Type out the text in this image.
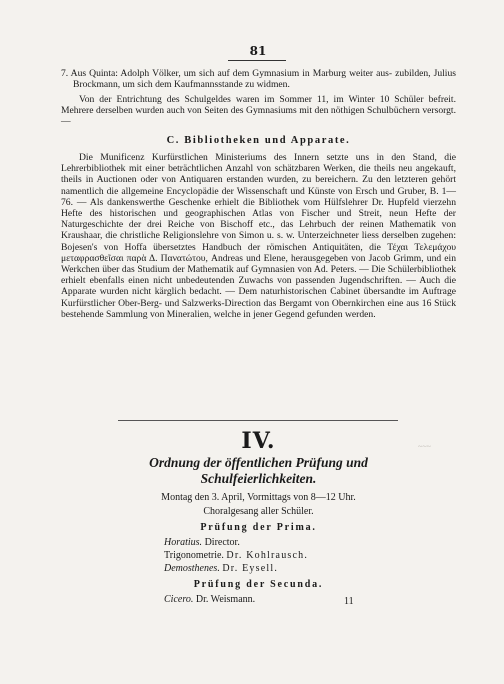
81
~~~

7. Aus Quinta: Adolph Völker, um sich auf dem Gymnasium in Marburg weiter aus- zubilden, Julius Brockmann, um sich dem Kaufmannsstande zu widmen.

Von der Entrichtung des Schulgeldes waren im Sommer 11, im Winter 10 Schüler befreit. Mehrere derselben wurden auch von Seiten des Gymnasiums mit den nöthigen Schulbüchern versorgt. —

C. Bibliotheken und Apparate.

Die Munificenz Kurfürstlichen Ministeriums des Innern setzte uns in den Stand, die Lehrerbibliothek mit einer beträchtlichen Anzahl von schätzbaren Werken, die theils neu angekauft, theils in Auctionen oder von Antiquaren erstanden wurden, zu bereichern. Zu den letzteren gehört namentlich die allgemeine Encyclopädie der Wissenschaft und Künste von Ersch und Gruber, B. 1—76. — Als dankenswerthe Geschenke erhielt die Bibliothek vom Hülfslehrer Dr. Hupfeld vierzehn Hefte des historischen und geographischen Atlas von Fischer und Streit, neun Hefte der Naturgeschichte der drei Reiche von Bischoff etc., das Lehrbuch der reinen Mathematik von Kraushaar, die christliche Religionslehre von Simon u. s. w. Unterzeichneter liess derselben zugehen: Bojesen's von Hoffa übersetztes Handbuch der römischen Antiquitäten, die Τέχαι Τελεμάχου μεταφρασθεῖσαι παρὰ Δ. Πανατώτου, Andreas und Elene, herausgegeben von Jacob Grimm, und ein Werkchen über das Studium der Mathematik auf Gymnasien von Ad. Peters. — Die Schülerbibliothek erhielt ebenfalls einen nicht unbedeutenden Zuwachs von passenden Jugendschriften. — Auch die Apparate wurden nicht kärglich bedacht. — Dem naturhistorischen Cabinet übersandte im Auftrage Kurfürstlicher Ober-Berg- und Salzwerks-Direction das Bergamt von Obernkirchen eine aus 16 Stück bestehende Sammlung von Mineralien, welche in jener Gegend gefunden werden.

IV.
Ordnung der öffentlichen Prüfung und
Schulfeierlichkeiten.
Montag den 3. April, Vormittags von 8—12 Uhr.
Choralgesang aller Schüler.
Prüfung der Prima.
Horatius. Director.
Trigonometrie. Dr. Kohlrausch.
Demosthenes. Dr. Eysell.
Prüfung der Secunda.
Cicero. Dr. Weismann.	11
